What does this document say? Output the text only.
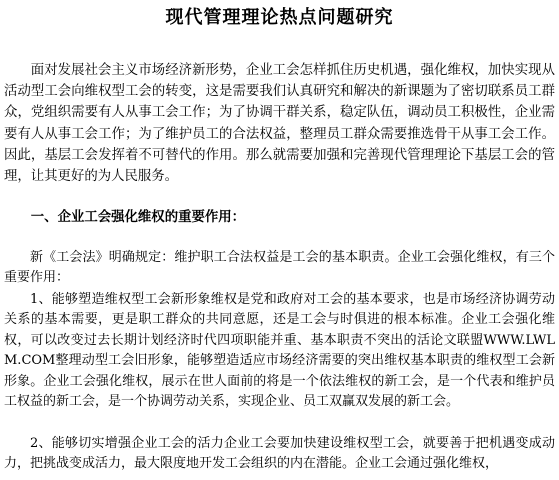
现代管理理论热点问题研究

面对发展社会主义市场经济新形势，企业工会怎样抓住历史机遇，强化维权，加快实现从活动型工会向维权型工会的转变，这是需要我们认真研究和解决的新课题为了密切联系员工群众，党组织需要有人从事工会工作；为了协调干群关系，稳定队伍，调动员工积极性，企业需要有人从事工会工作；为了维护员工的合法权益，整理员工群众需要推选骨干从事工会工作。因此，基层工会发挥着不可替代的作用。那么就需要加强和完善现代管理理论下基层工会的管理，让其更好的为人民服务。

一、企业工会强化维权的重要作用：

新《工会法》明确规定：维护职工合法权益是工会的基本职责。企业工会强化维权，有三个重要作用：

1、能够塑造维权型工会新形象维权是党和政府对工会的基本要求，也是市场经济协调劳动关系的基本需要，更是职工群众的共同意愿，还是工会与时俱进的根本标准。企业工会强化维权，可以改变过去长期计划经济时代四项职能并重、基本职责不突出的活论文联盟WWW.LWLM.COM整理动型工会旧形象，能够塑造适应市场经济需要的突出维权基本职责的维权型工会新形象。企业工会强化维权，展示在世人面前的将是一个依法维权的新工会，是一个代表和维护员工权益的新工会，是一个协调劳动关系，实现企业、员工双赢双发展的新工会。

2、能够切实增强企业工会的活力企业工会要加快建设维权型工会，就要善于把机遇变成动力，把挑战变成活力，最大限度地开发工会组织的内在潜能。企业工会通过强化维权，
